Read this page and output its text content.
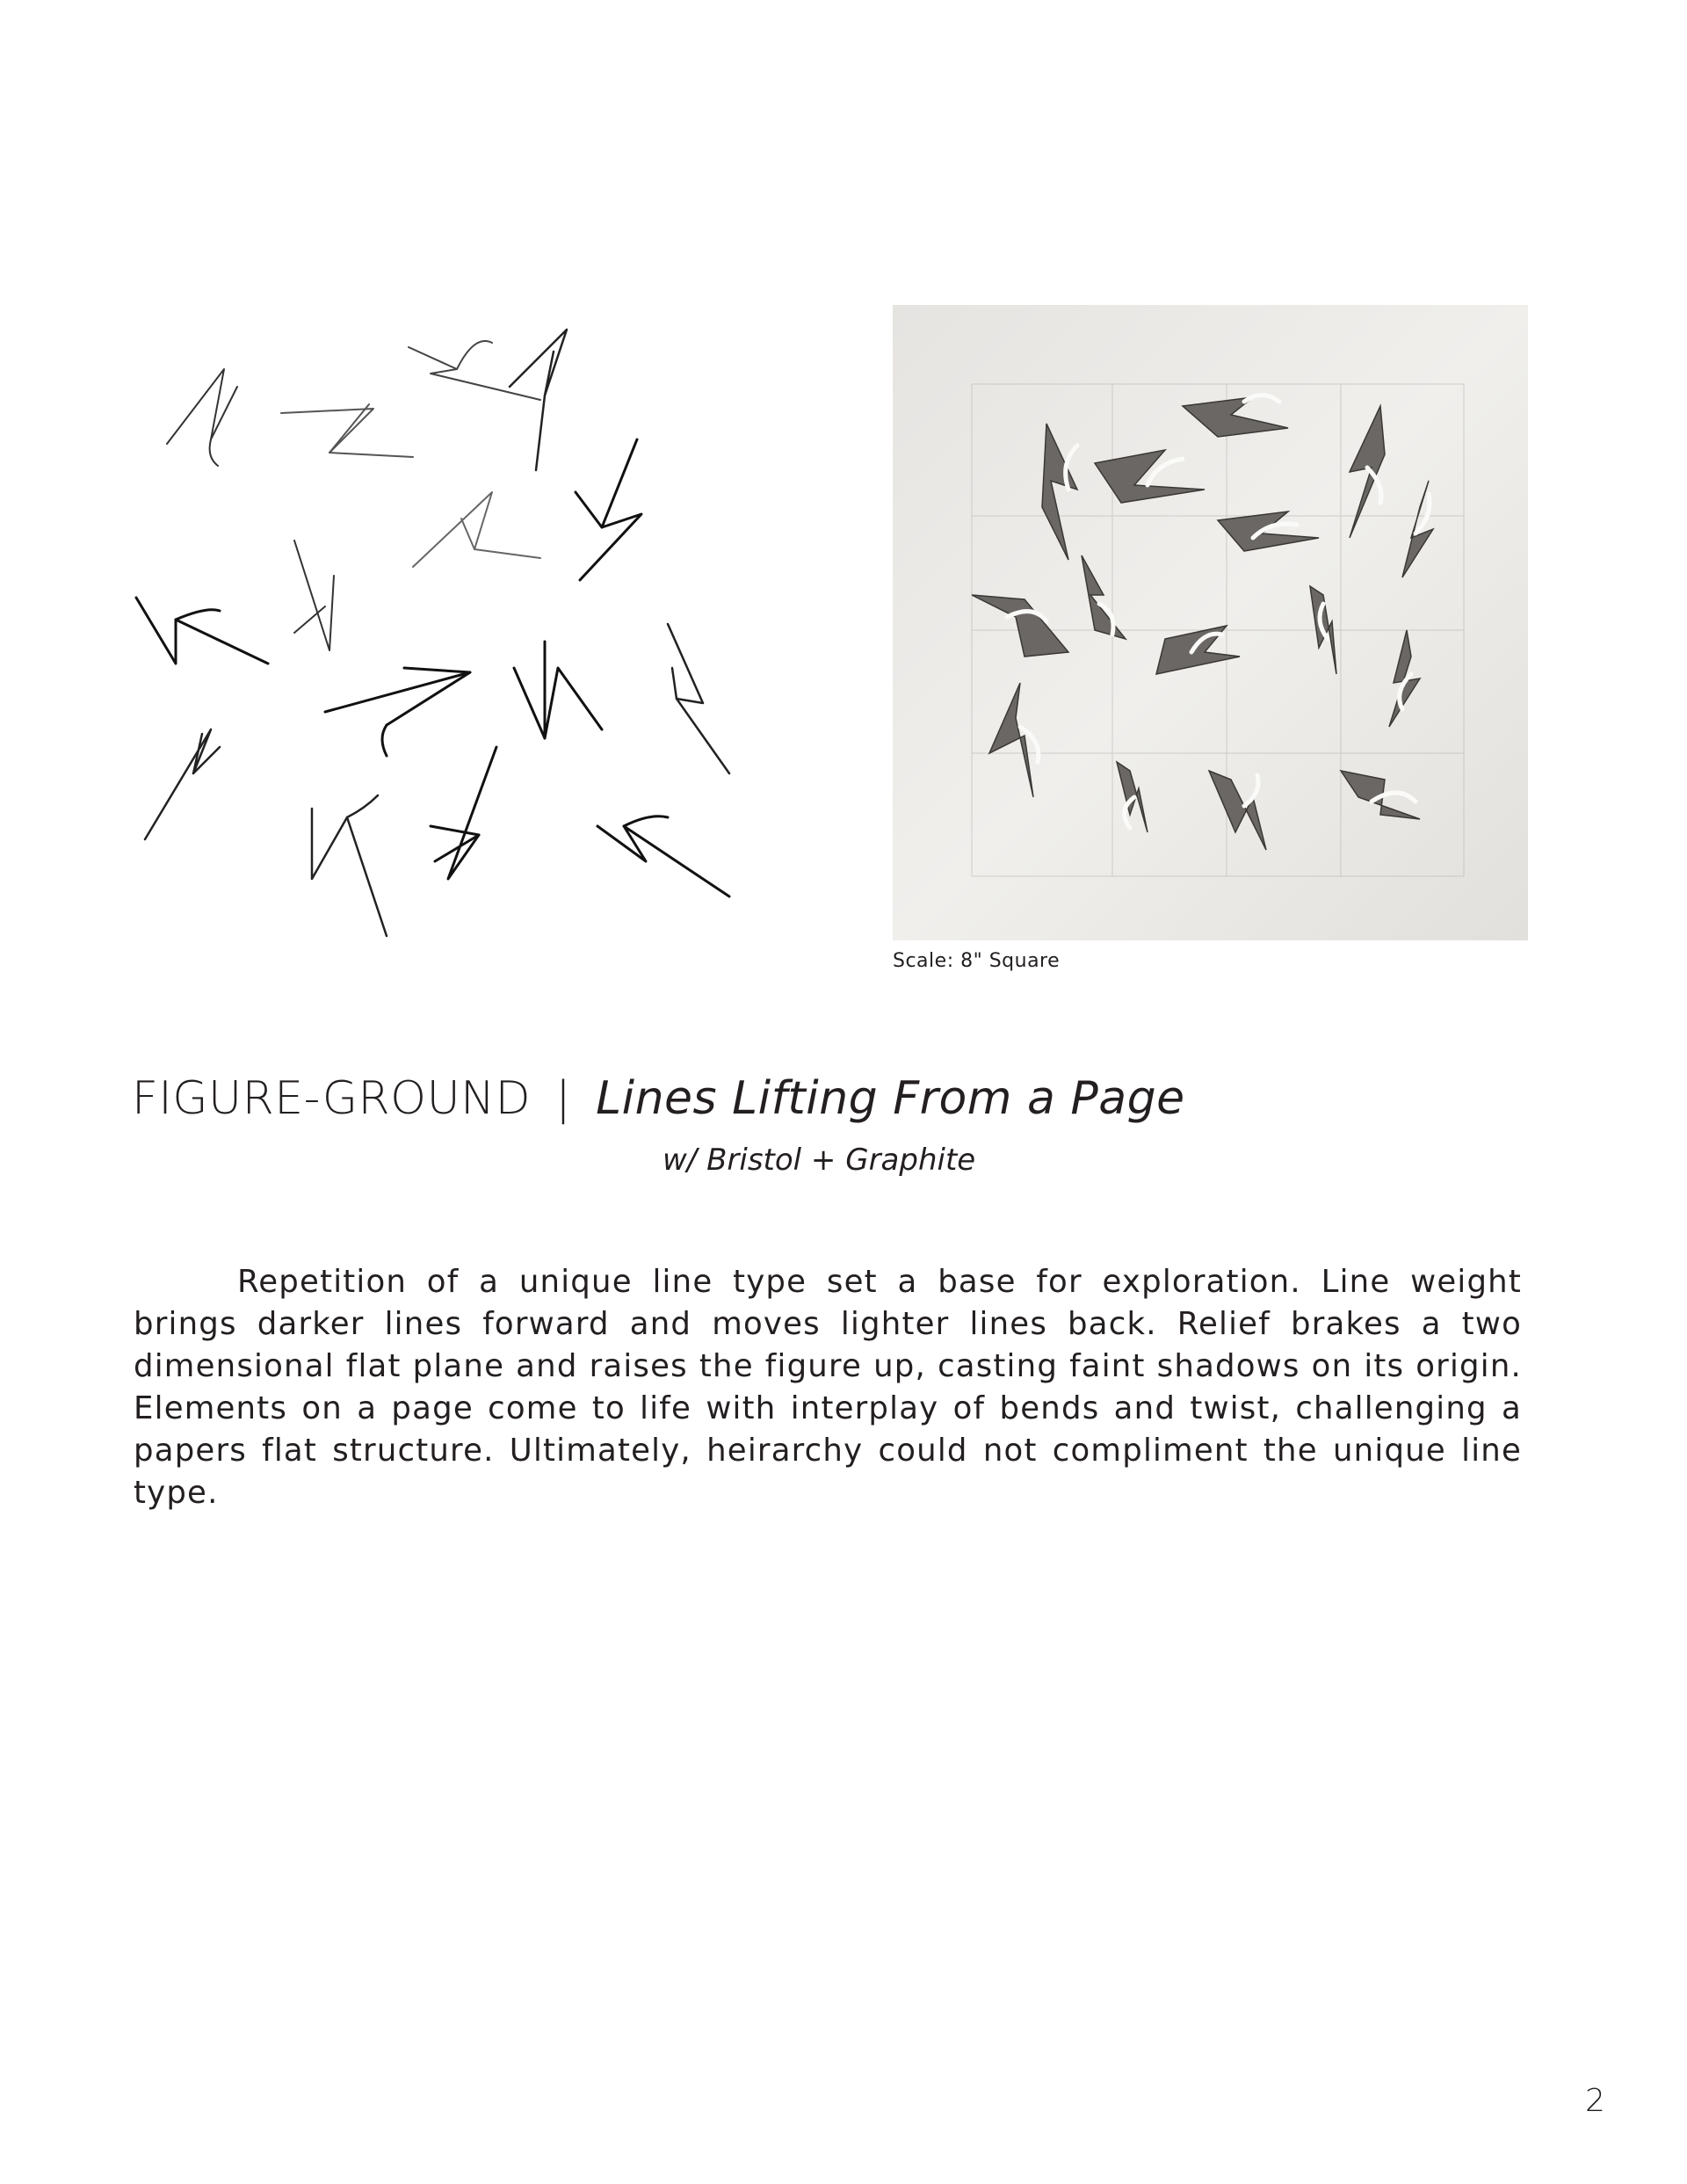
Scale: 8" Square
FIGURE-GROUND | Lines Lifting From a Page
w/ Bristol + Graphite

Repetition of a unique line type set a base for exploration. Line weight brings darker lines forward and moves lighter lines back. Relief brakes a two dimensional flat plane and raises the figure up, casting faint shadows on its origin. Elements on a page come to life with interplay of bends and twist, challenging a papers flat structure. Ultimately, heirarchy could not compliment the unique line type.

2
